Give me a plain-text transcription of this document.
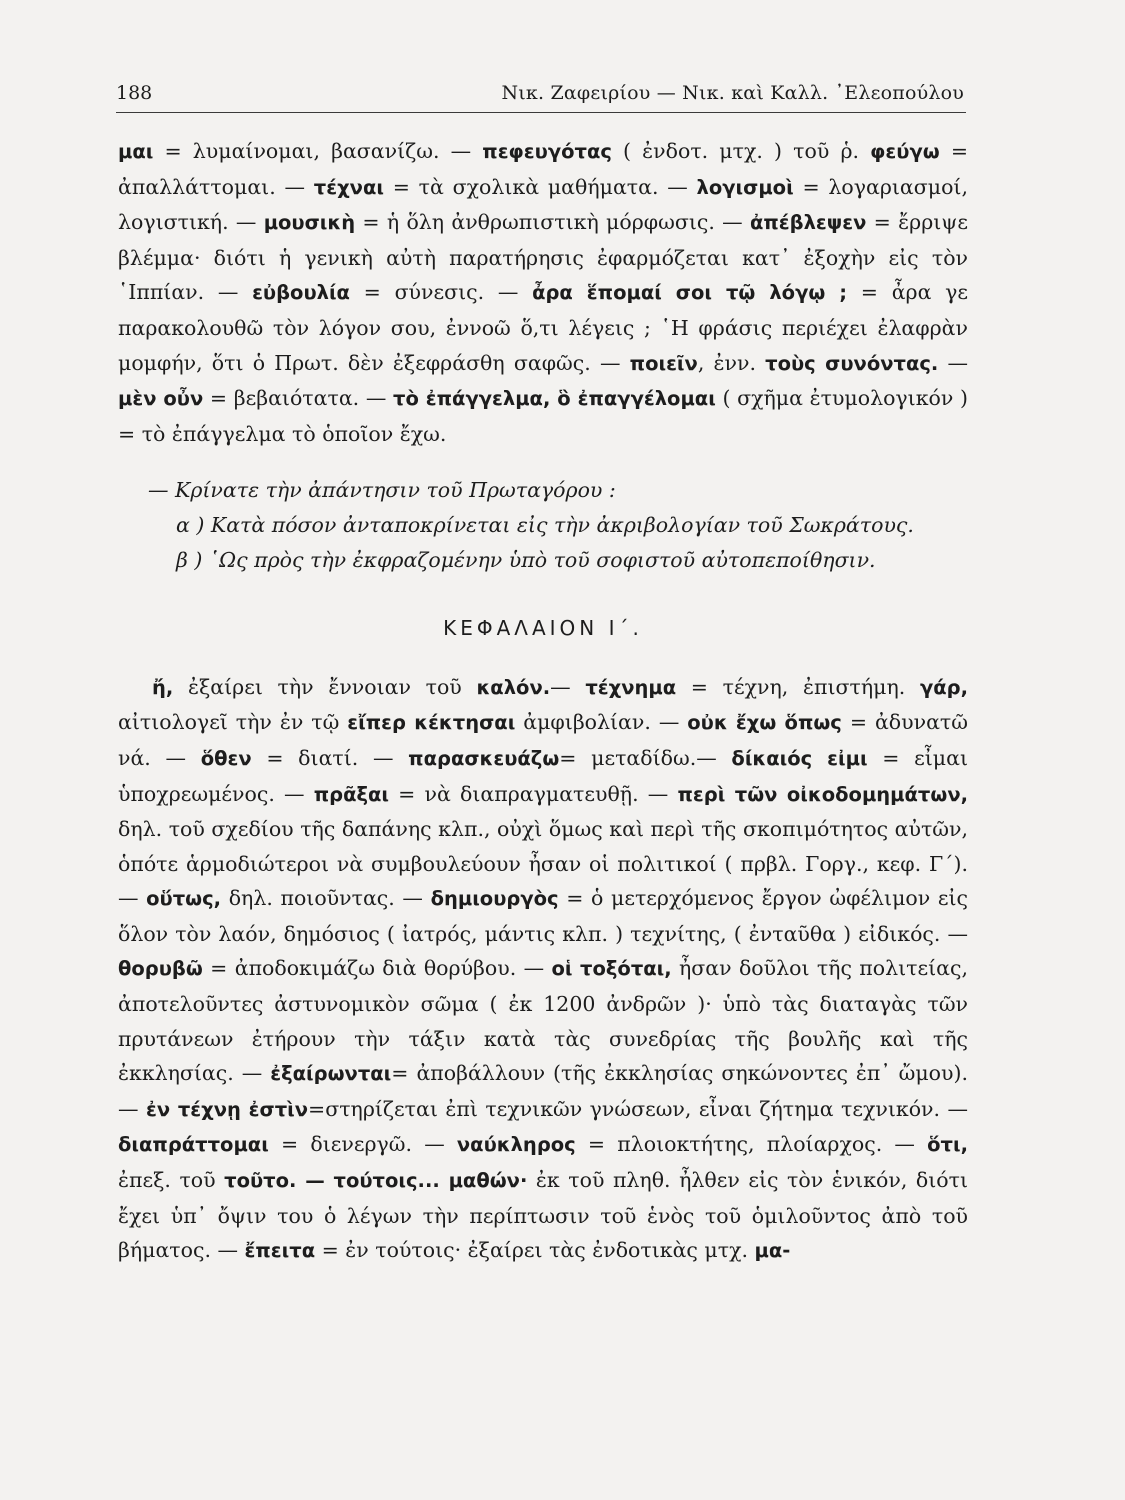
188	Νικ. Ζαφειρίου — Νικ. καὶ Καλλ. ᾿Ελεοπούλου

μαι = λυμαίνομαι, βασανίζω. — πεφευγότας ( ἐνδοτ. μτχ. ) τοῦ ῥ. φεύγω = ἀπαλλάττομαι. — τέχναι = τὰ σχολικὰ μαθήματα. — λογισμοὶ = λογαριασμοί, λογιστική. — μουσικὴ = ἡ ὅλη ἀνθρωπιστικὴ μόρφωσις. — ἀπέβλεψεν = ἔρριψε βλέμμα· διότι ἡ γενικὴ αὐτὴ παρατήρησις ἐφαρμόζεται κατ᾿ ἐξοχὴν εἰς τὸν ῾Ιππίαν. — εὐβουλία = σύνεσις. — ἆρα ἕπομαί σοι τῷ λόγῳ ; = ἆρα γε παρακολουθῶ τὸν λόγον σου, ἐννοῶ ὅ,τι λέγεις ; ῾Η φράσις περιέχει ἐλαφρὰν μομφήν, ὅτι ὁ Πρωτ. δὲν ἐξεφράσθη σαφῶς. — ποιεῖν, ἐνν. τοὺς συνόντας. — μὲν οὖν = βεβαιότατα. — τὸ ἐπάγγελμα, ὃ ἐπαγγέλομαι ( σχῆμα ἐτυμολογικόν ) = τὸ ἐπάγγελμα τὸ ὁποῖον ἔχω.

— Κρίνατε τὴν ἀπάντησιν τοῦ Πρωταγόρου :

α ) Κατὰ πόσον ἀνταποκρίνεται εἰς τὴν ἀκριβολογίαν τοῦ Σωκράτους.

β ) ῾Ως πρὸς τὴν ἐκφραζομένην ὑπὸ τοῦ σοφιστοῦ αὐτοπεποίθησιν.

ΚΕΦΑΛΑΙΟΝ Ι΄.

ἤ, ἐξαίρει τὴν ἔννοιαν τοῦ καλόν.— τέχνημα = τέχνη, ἐπιστήμη. γάρ, αἰτιολογεῖ τὴν ἐν τῷ εἴπερ κέκτησαι ἀμφιβολίαν. — οὐκ ἔχω ὅπως = ἀδυνατῶ νά. — ὅθεν = διατί. — παρασκευάζω= μεταδίδω.— δίκαιός εἰμι = εἶμαι ὑποχρεωμένος. — πρᾶξαι = νὰ διαπραγματευθῇ. — περὶ τῶν οἰκοδομημάτων, δηλ. τοῦ σχεδίου τῆς δαπάνης κλπ., οὐχὶ ὅμως καὶ περὶ τῆς σκοπιμότητος αὐτῶν, ὁπότε ἁρμοδιώτεροι νὰ συμβουλεύουν ἦσαν οἱ πολιτικοί ( πρβλ. Γοργ., κεφ. Γ΄). — οὕτως, δηλ. ποιοῦντας. — δημιουργὸς = ὁ μετερχόμενος ἔργον ὠφέλιμον εἰς ὅλον τὸν λαόν, δημόσιος ( ἰατρός, μάντις κλπ. ) τεχνίτης, ( ἐνταῦθα ) εἰδικός. — θορυβῶ = ἀποδοκιμάζω διὰ θορύβου. — οἱ τοξόται, ἦσαν δοῦλοι τῆς πολιτείας, ἀποτελοῦντες ἀστυνομικὸν σῶμα ( ἐκ 1200 ἀνδρῶν )· ὑπὸ τὰς διαταγὰς τῶν πρυτάνεων ἐτήρουν τὴν τάξιν κατὰ τὰς συνεδρίας τῆς βουλῆς καὶ τῆς ἐκκλησίας. — ἐξαίρωνται= ἀποβάλλουν (τῆς ἐκκλησίας σηκώνοντες ἐπ᾿ ὤμου). — ἐν τέχνῃ ἐστὶν=στηρίζεται ἐπὶ τεχνικῶν γνώσεων, εἶναι ζήτημα τεχνικόν. — διαπράττομαι = διενεργῶ. — ναύκληρος = πλοιοκτήτης, πλοίαρχος. — ὅτι, ἐπεξ. τοῦ τοῦτο. — τούτοις... μαθών· ἐκ τοῦ πληθ. ἦλθεν εἰς τὸν ἑνικόν, διότι ἔχει ὑπ᾿ ὄψιν του ὁ λέγων τὴν περίπτωσιν τοῦ ἑνὸς τοῦ ὁμιλοῦντος ἀπὸ τοῦ βήματος. — ἔπειτα = ἐν τούτοις· ἐξαίρει τὰς ἐνδοτικὰς μτχ. μα-
